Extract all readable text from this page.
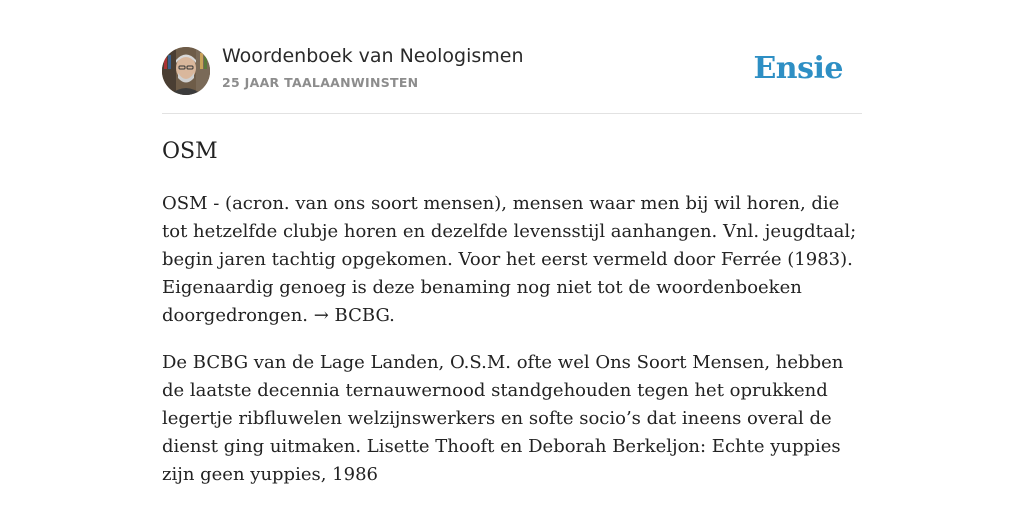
Woordenboek van Neologismen
25 JAAR TAALAANWINSTEN	Ensie
OSM

OSM - (acron. van ons soort mensen), mensen waar men bij wil horen, die tot hetzelfde clubje horen en dezelfde levensstijl aanhangen. Vnl. jeugdtaal; begin jaren tachtig opgekomen. Voor het eerst vermeld door Ferrée (1983). Eigenaardig genoeg is deze benaming nog niet tot de woordenboeken doorgedrongen. → BCBG.

De BCBG van de Lage Landen, O.S.M. ofte wel Ons Soort Mensen, hebben de laatste decennia ternauwernood standgehouden tegen het oprukkend legertje ribfluwelen welzijnswerkers en softe socio’s dat ineens overal de dienst ging uitmaken. Lisette Thooft en Deborah Berkeljon: Echte yuppies zijn geen yuppies, 1986
